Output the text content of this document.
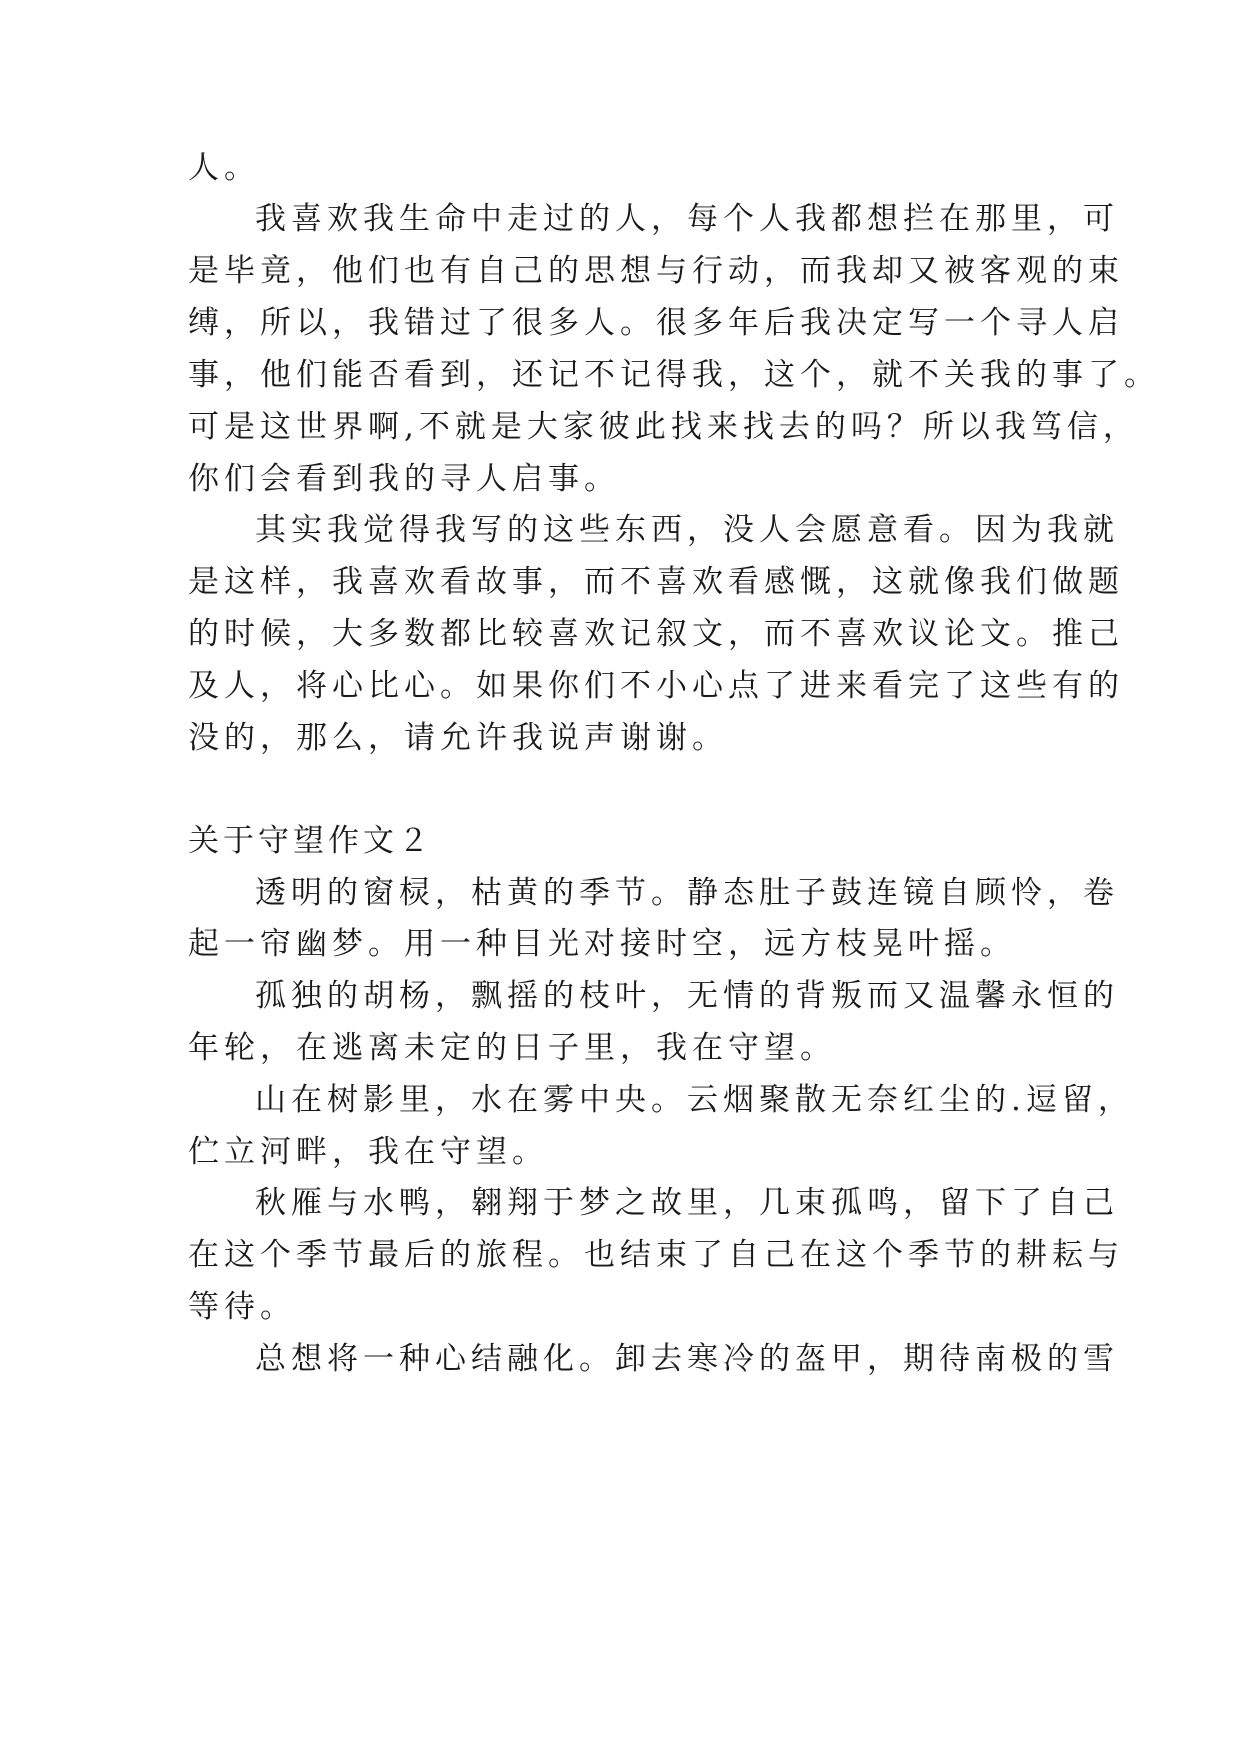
人。
我喜欢我生命中走过的人，每个人我都想拦在那里，可
是毕竟，他们也有自己的思想与行动，而我却又被客观的束
缚，所以，我错过了很多人。很多年后我决定写一个寻人启
事，他们能否看到，还记不记得我，这个，就不关我的事了。
可是这世界啊,不就是大家彼此找来找去的吗？所以我笃信，
你们会看到我的寻人启事。
其实我觉得我写的这些东西，没人会愿意看。因为我就
是这样，我喜欢看故事，而不喜欢看感慨，这就像我们做题
的时候，大多数都比较喜欢记叙文，而不喜欢议论文。推己
及人，将心比心。如果你们不小心点了进来看完了这些有的
没的，那么，请允许我说声谢谢。
关于守望作文２
透明的窗棂，枯黄的季节。静态肚子鼓连镜自顾怜，卷
起一帘幽梦。用一种目光对接时空，远方枝晃叶摇。
孤独的胡杨，飘摇的枝叶，无情的背叛而又温馨永恒的
年轮，在逃离未定的日子里，我在守望。
山在树影里，水在雾中央。云烟聚散无奈红尘的.逗留，
伫立河畔，我在守望。
秋雁与水鸭，翱翔于梦之故里，几束孤鸣，留下了自己
在这个季节最后的旅程。也结束了自己在这个季节的耕耘与
等待。
总想将一种心结融化。卸去寒冷的盔甲，期待南极的雪
